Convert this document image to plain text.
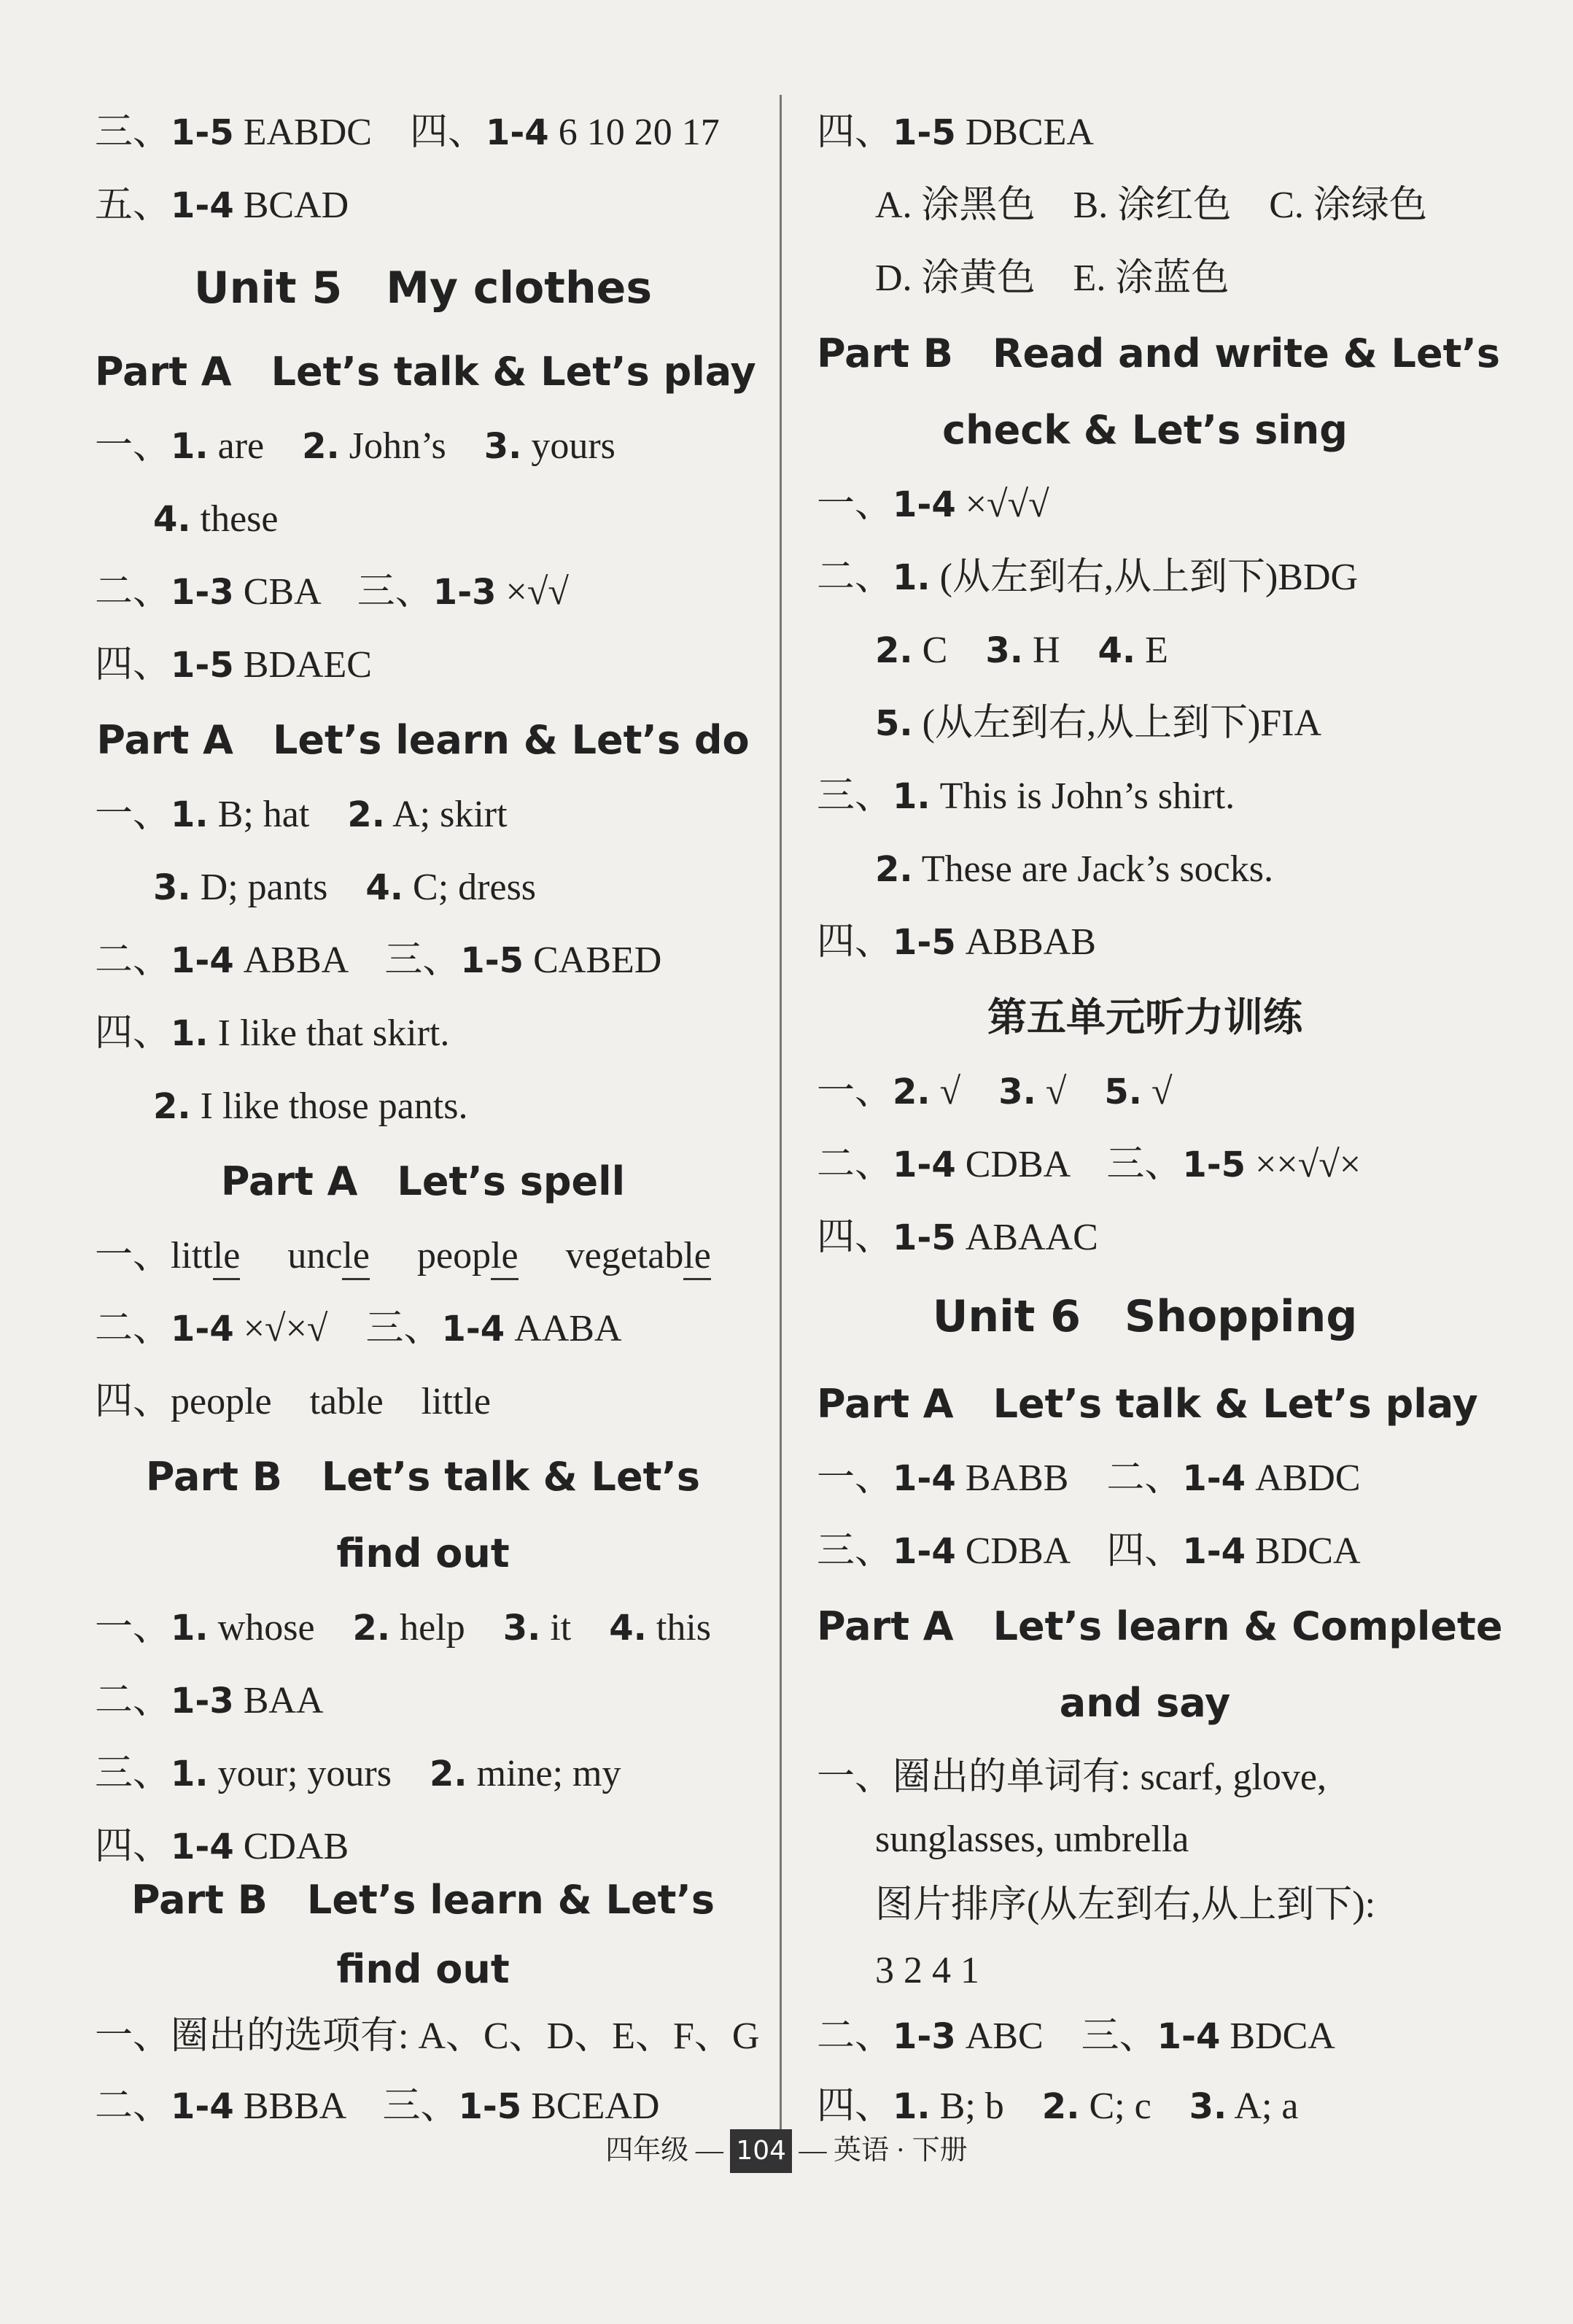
三、1-5 EABDC　四、1-4 6 10 20 17
五、1-4 BCAD
Unit 5　My clothes
Part A　Let’s talk & Let’s play
一、1. are　2. John’s　3. yours
4. these
二、1-3 CBA　三、1-3 ×√√
四、1-5 BDAEC
Part A　Let’s learn & Let’s do
一、1. B; hat　2. A; skirt
3. D; pants　4. C; dress
二、1-4 ABBA　三、1-5 CABED
四、1. I like that skirt.
2. I like those pants.
Part A　Let’s spell
一、little　 uncle　 people　 vegetable
二、1-4 ×√×√　三、1-4 AABA
四、people　table　little
Part B　Let’s talk & Let’s
find out
一、1. whose　2. help　3. it　4. this
二、1-3 BAA
三、1. your; yours　2. mine; my
四、1-4 CDAB
Part B　Let’s learn & Let’s
find out
一、圈出的选项有: A、C、D、E、F、G
四、1-5 DBCEA
A. 涂黑色　B. 涂红色　C. 涂绿色
D. 涂黄色　E. 涂蓝色
Part B　Read and write & Let’s
check & Let’s sing
一、1-4 ×√√√
二、1. (从左到右,从上到下)BDG
2. C　3. H　4. E
5. (从左到右,从上到下)FIA
三、1. This is John’s shirt.
2. These are Jack’s socks.
四、1-5 ABBAB
第五单元听力训练
一、2. √　3. √　5. √
二、1-4 CDBA　三、1-5 ××√√×
四、1-5 ABAAC
Unit 6　Shopping
Part A　Let’s talk & Let’s play
一、1-4 BABB　二、1-4 ABDC
三、1-4 CDBA　四、1-4 BDCA
Part A　Let’s learn & Complete
and say
一、圈出的单词有: scarf, glove,
sunglasses, umbrella
图片排序(从左到右,从上到下):
3 2 4 1
二、1-3 ABC　三、1-4 BDCA
四年级 — 104 — 英语 · 下册
二、1-4 BBBA　三、1-5 BCEAD	四、1. B; b　2. C; c　3. A; a
